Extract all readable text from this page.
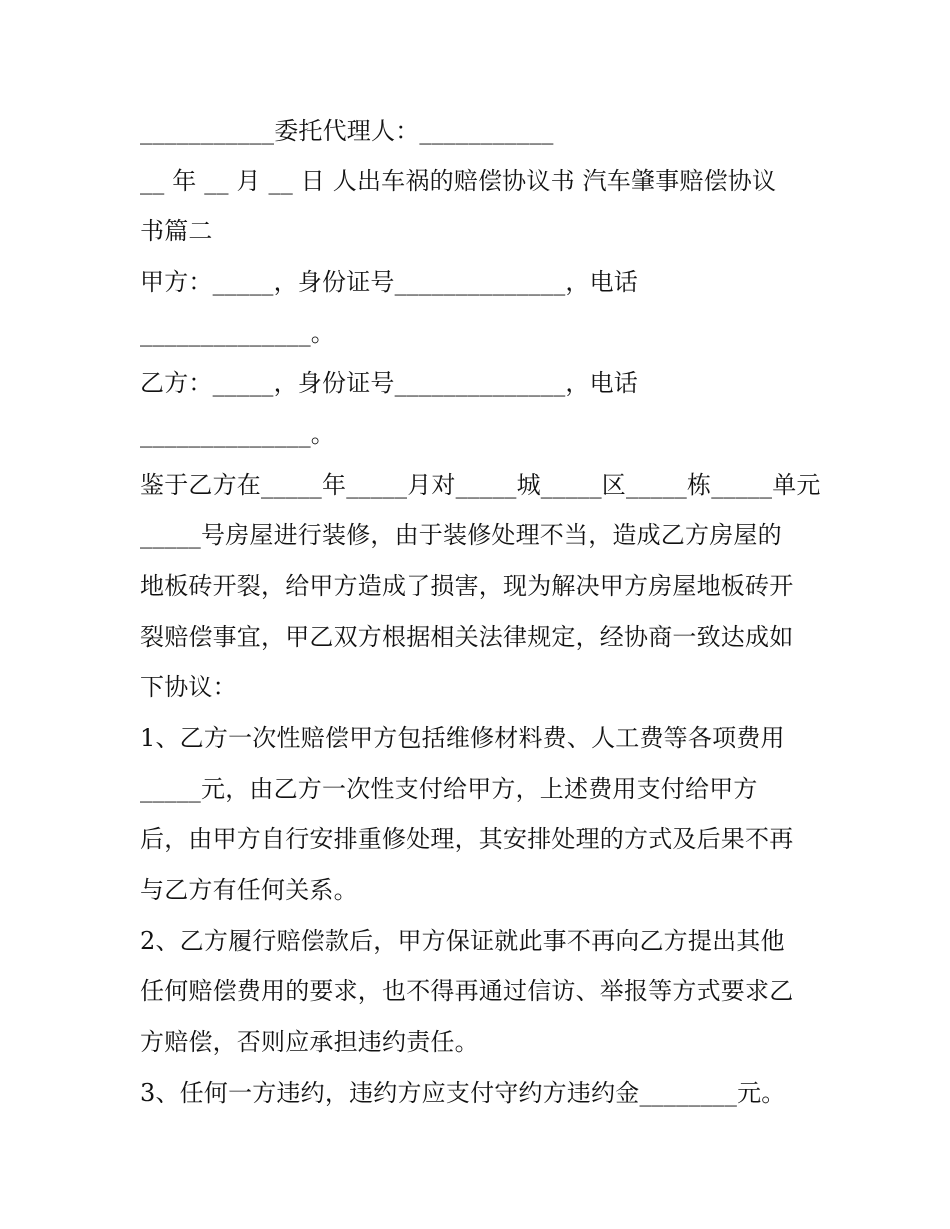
___________委托代理人：___________
__ 年 __ 月 __ 日 人出车祸的赔偿协议书 汽车肇事赔偿协议
书篇二
甲方：_____，身份证号______________，电话
______________。
乙方：_____，身份证号______________，电话
______________。
鉴于乙方在_____年_____月对_____城_____区_____栋_____单元
_____号房屋进行装修，由于装修处理不当，造成乙方房屋的
地板砖开裂，给甲方造成了损害，现为解决甲方房屋地板砖开
裂赔偿事宜，甲乙双方根据相关法律规定，经协商一致达成如
下协议：
1、乙方一次性赔偿甲方包括维修材料费、人工费等各项费用
_____元，由乙方一次性支付给甲方，上述费用支付给甲方
后，由甲方自行安排重修处理，其安排处理的方式及后果不再
与乙方有任何关系。
2、乙方履行赔偿款后，甲方保证就此事不再向乙方提出其他
任何赔偿费用的要求，也不得再通过信访、举报等方式要求乙
方赔偿，否则应承担违约责任。
3、任何一方违约，违约方应支付守约方违约金________元。
